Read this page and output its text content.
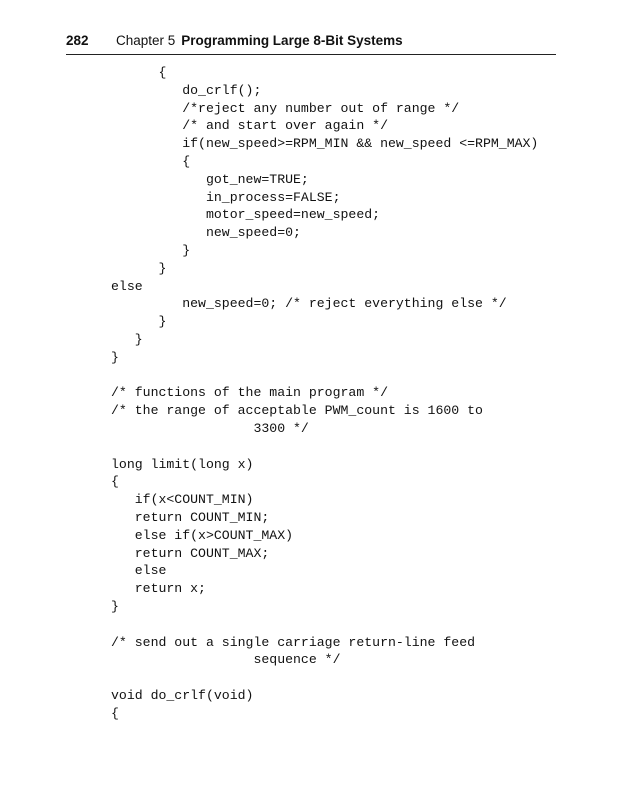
282	Chapter 5 Programming Large 8-Bit Systems
{
do_crlf();
/*reject any number out of range */
/* and start over again */
if(new_speed>=RPM_MIN && new_speed <=RPM_MAX)
{
got_new=TRUE;
in_process=FALSE;
motor_speed=new_speed;
new_speed=0;
}
}
else
new_speed=0; /* reject everything else */
}
}
}
/* functions of the main program */
/* the range of acceptable PWM_count is 1600 to
3300 */
long limit(long x)
{
if(x<COUNT_MIN)
return COUNT_MIN;
else if(x>COUNT_MAX)
return COUNT_MAX;
else
return x;
}
/* send out a single carriage return-line feed
sequence */
void do_crlf(void)
{
